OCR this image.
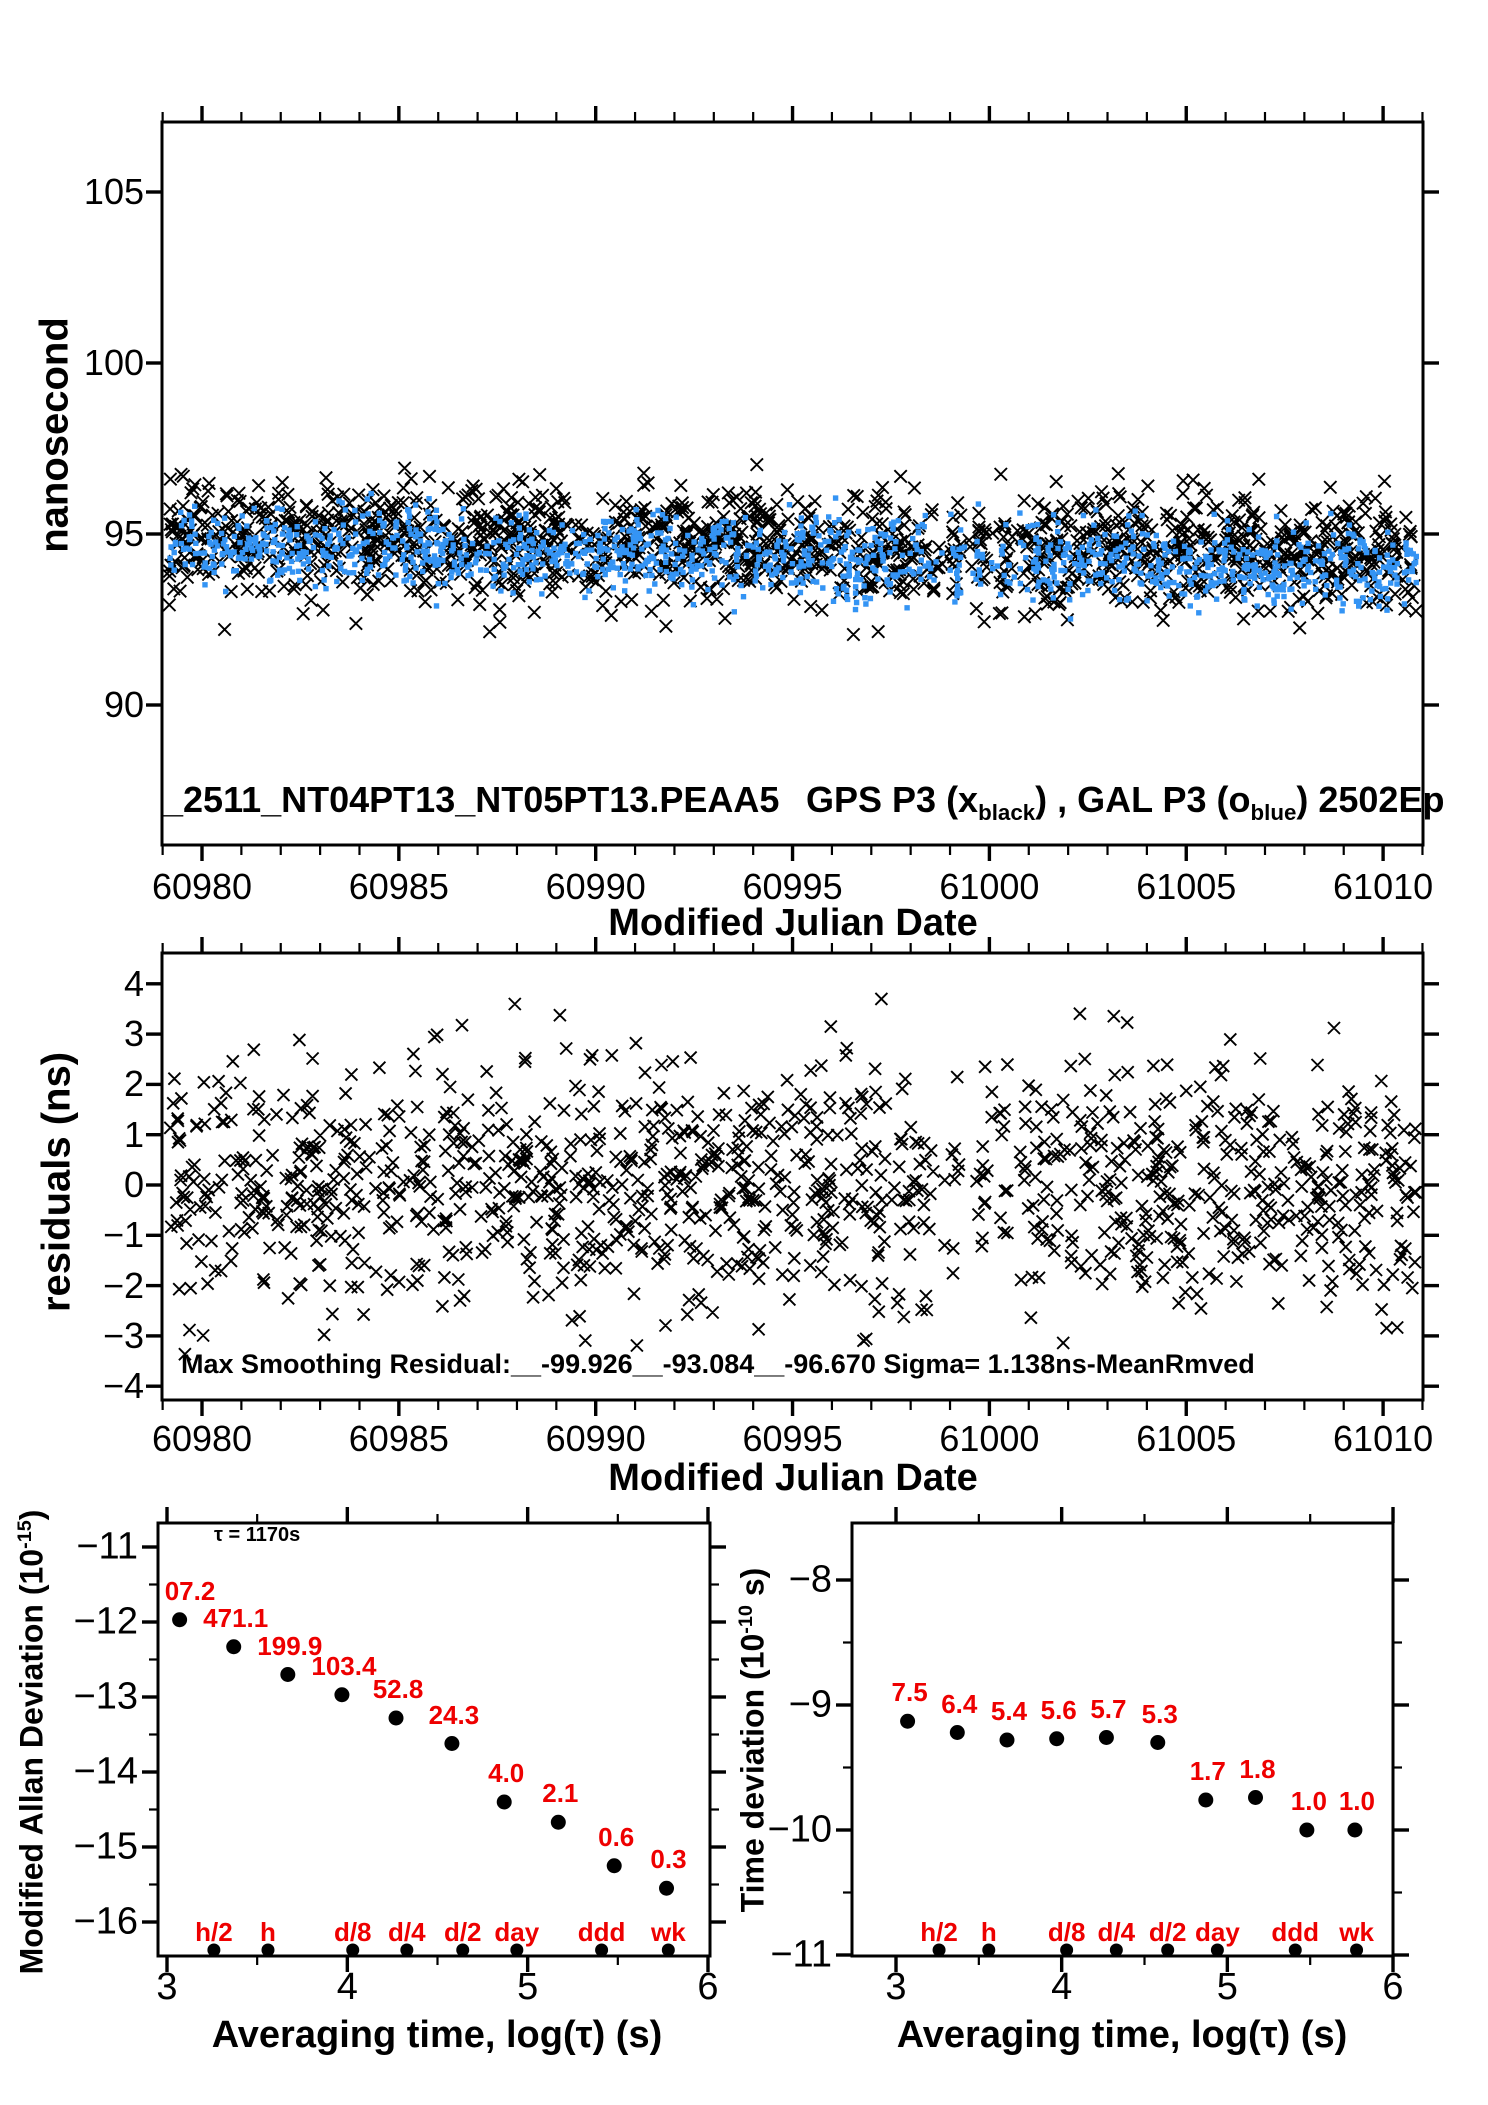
nanosecond
_2511_NT04PT13_NT05PT13.PEAA5 GPS P3 $(x_{black})$ , GAL P3 $(o_{blue})$ 2502Ep
Modified Julian Date
residuals (ns)
Max Smoothing Residual:__-99.926__-93.084__-96.670 Sigma= 1.138ns-MeanRmved
Modified Julian Date
Modified Allan Deviation $(10^{-15})$
τ = 1170s
Averaging time, log(τ) (s)
Time deviation ($10^{-10}$ s)
Averaging time, log(τ) (s)
60980	60985	60990	60995	61000	61005	61010
105
100
95
90
60980	60985	60990	60995	61000	61005	61010
4
3
2
1
0
−1
−2
−3
−4
3	4	5	6
−11
−12
−13
−14
−15
−16 h/2 h d/8 d/4 d/2 day ddd wk
07.2
471.1
199.9
103.4
52.8
24.3
4.0
2.1
0.6
0.3
3	4	5	6
−8
−9
−10
−11
h/2 h d/8 d/4 d/2 day ddd wk
7.5 6.4 5.4 5.6 5.7 5.3
1.7 1.8
1.0 1.0
